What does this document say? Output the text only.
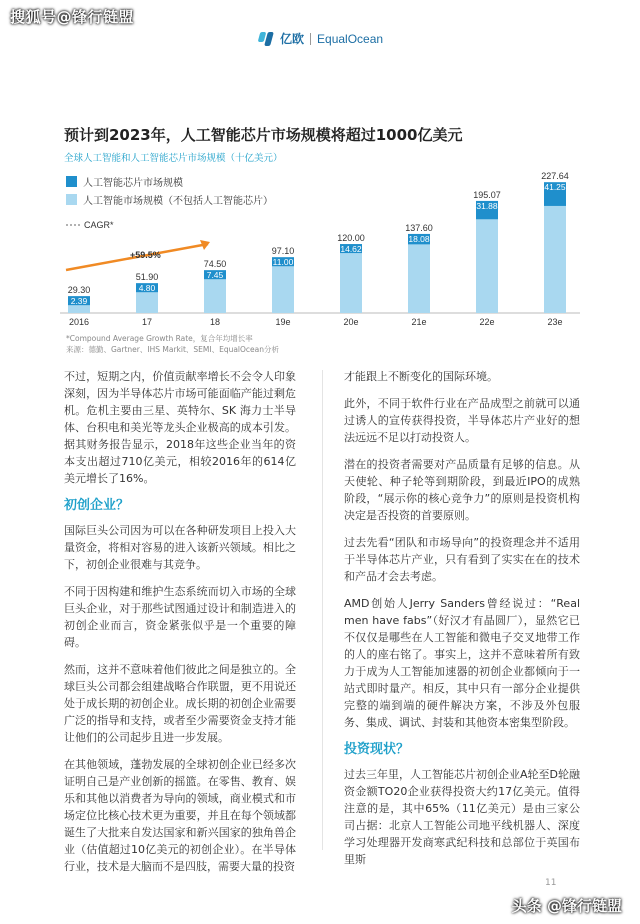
搜狐号@锋行链盟
亿欧 EqualOcean
预计到2023年，人工智能芯片市场规模将超过1000亿美元
全球人工智能和人工智能芯片市场规模（十亿美元）
29.30
2.39
2016
51.90
4.80
17
74.50
7.45
18
97.10
11.00
19e
120.00
14.62
20e
137.60
18.08
21e
195.07
31.88
22e
227.64
41.25
23e
CAGR*
+59.5%
人工智能芯片市场规模
人工智能市场规模（不包括人工智能芯片）
*Compound Average Growth Rate，复合年均增长率
来源：德勤、Gartner、IHS Markit、SEMI、EqualOcean分析

不过，短期之内，价值贡献率增长不会令人印象深刻，因为半导体芯片市场可能面临产能过剩危机。危机主要由三星、英特尔、SK 海力士半导体、台积电和美光等龙头企业极高的成本引发。据其财务报告显示，2018年这些企业当年的资本支出超过710亿美元，相较2016年的614亿美元增长了16%。

初创企业？

国际巨头公司因为可以在各种研发项目上投入大量资金，将相对容易的进入该新兴领域。相比之下，初创企业很难与其竞争。

不同于因构建和维护生态系统而切入市场的全球巨头企业，对于那些试图通过设计和制造进入的初创企业而言，资金紧张似乎是一个重要的障碍。

然而，这并不意味着他们彼此之间是独立的。全球巨头公司都会组建战略合作联盟，更不用说还处于成长期的初创企业。成长期的初创企业需要广泛的指导和支持，或者至少需要资金支持才能让他们的公司起步且进一步发展。

在其他领域，蓬勃发展的全球初创企业已经多次证明自己是产业创新的摇篮。在零售、教育、娱乐和其他以消费者为导向的领域，商业模式和市场定位比核心技术更为重要，并且在每个领域都诞生了大批来自发达国家和新兴国家的独角兽企业（估值超过10亿美元的初创企业）。在半导体行业，技术是大脑而不是四肢，需要大量的投资

才能跟上不断变化的国际环境。

此外，不同于软件行业在产品成型之前就可以通过诱人的宣传获得投资，半导体芯片产业好的想法远远不足以打动投资人。

潜在的投资者需要对产品质量有足够的信息。从天使轮、种子轮等到期阶段，到最近IPO的成熟阶段，“展示你的核心竞争力”的原则是投资机构决定是否投资的首要原则。

过去先看“团队和市场导向”的投资理念并不适用于半导体芯片产业，只有看到了实实在在的技术和产品才会去考虑。

AMD创始人Jerry Sanders曾经说过：“Real men have fabs”（好汉才有晶圆厂），显然它已不仅仅是哪些在人工智能和微电子交叉地带工作的人的座右铭了。事实上，这并不意味着所有致力于成为人工智能加速器的初创企业都倾向于一站式即时量产。相反，其中只有一部分企业提供完整的端到端的硬件解决方案，不涉及外包服务、集成、调试、封装和其他资本密集型阶段。

投资现状？

过去三年里，人工智能芯片初创企业A轮至D轮融资金额TO20企业获得投资大约17亿美元。值得注意的是，其中65%（11亿美元）是由三家公司占据：北京人工智能公司地平线机器人、深度学习处理器开发商寒武纪科技和总部位于英国布里斯

11
头条 @锋行链盟
